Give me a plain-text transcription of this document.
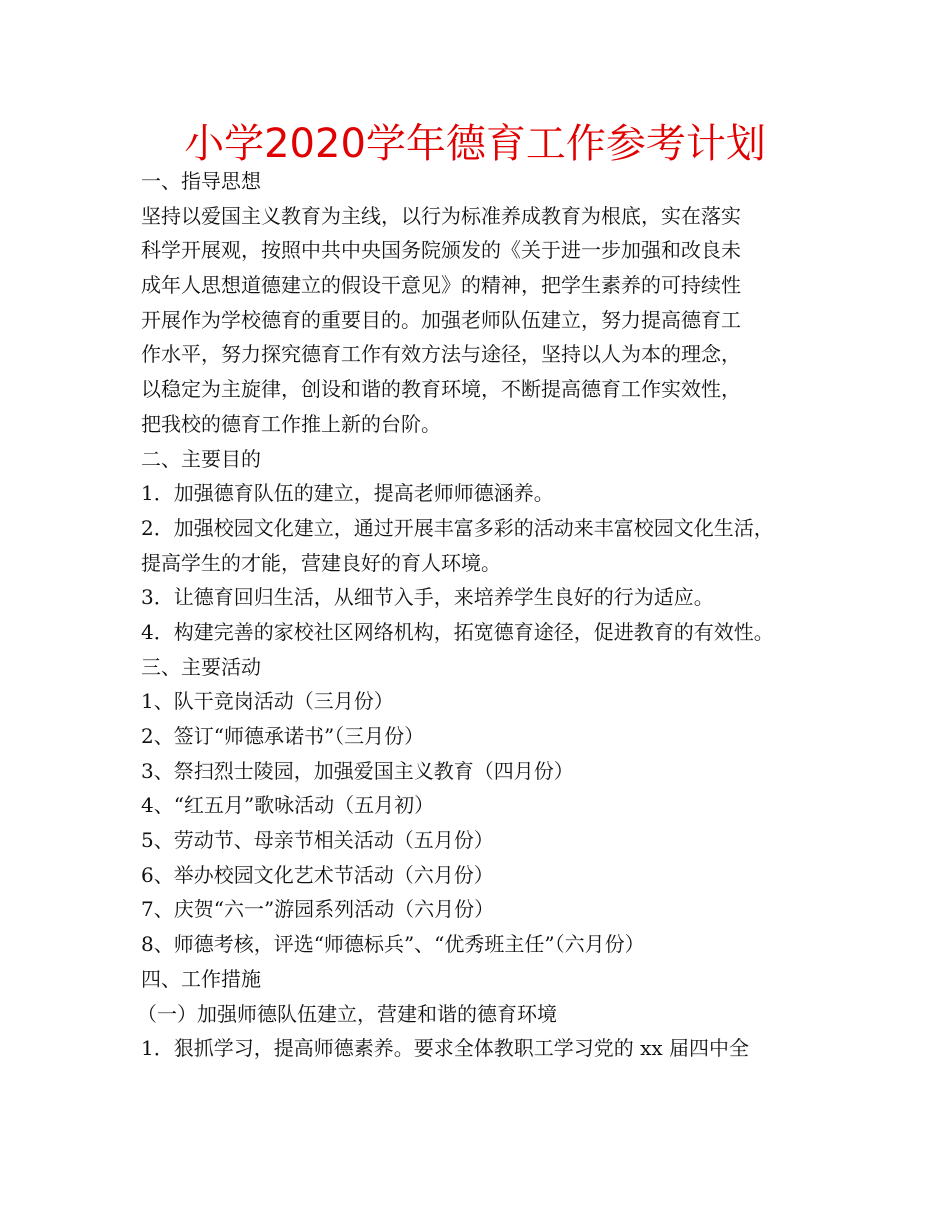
小学2020学年德育工作参考计划
一、指导思想
坚持以爱国主义教育为主线，以行为标准养成教育为根底，实在落实
科学开展观，按照中共中央国务院颁发的《关于进一步加强和改良未
成年人思想道德建立的假设干意见》的精神，把学生素养的可持续性
开展作为学校德育的重要目的。加强老师队伍建立，努力提高德育工
作水平，努力探究德育工作有效方法与途径，坚持以人为本的理念，
以稳定为主旋律，创设和谐的教育环境，不断提高德育工作实效性，
把我校的德育工作推上新的台阶。
二、主要目的
1．加强德育队伍的建立，提高老师师德涵养。
2．加强校园文化建立，通过开展丰富多彩的活动来丰富校园文化生活，
提高学生的才能，营建良好的育人环境。
3．让德育回归生活，从细节入手，来培养学生良好的行为适应。
4．构建完善的家校社区网络机构，拓宽德育途径，促进教育的有效性。
三、主要活动
1、队干竞岗活动（三月份）
2、签订“师德承诺书”（三月份）
3、祭扫烈士陵园，加强爱国主义教育（四月份）
4、“红五月”歌咏活动（五月初）
5、劳动节、母亲节相关活动（五月份）
6、举办校园文化艺术节活动（六月份）
7、庆贺“六一”游园系列活动（六月份）
8、师德考核，评选“师德标兵”、“优秀班主任”（六月份）
四、工作措施
（一）加强师德队伍建立，营建和谐的德育环境
1．狠抓学习，提高师德素养。要求全体教职工学习党的 xx 届四中全
